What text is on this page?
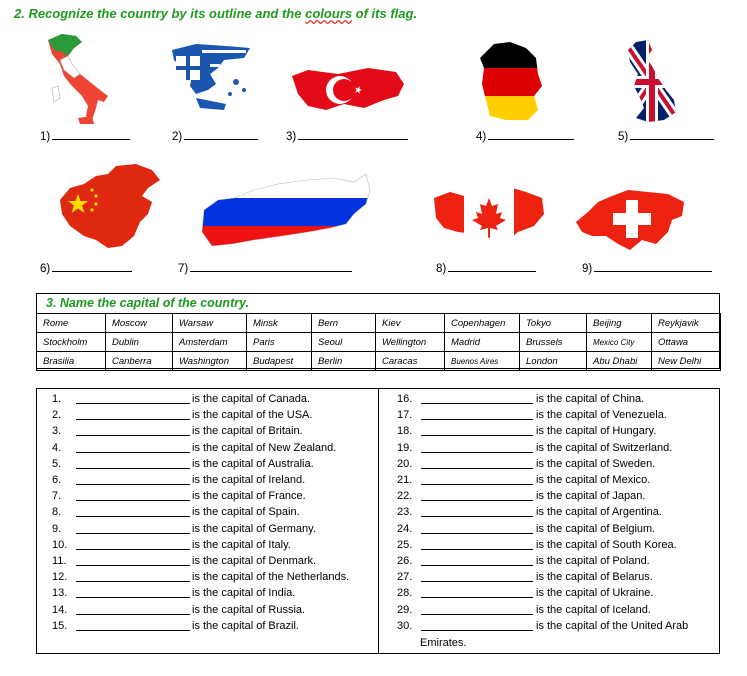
2. Recognize the country by its outline and the colours of its flag.
1)	2)	3)	4)	5)
6)	7)	8)	9)
3. Name the capital of the country.
Rome	Moscow	Warsaw	Minsk	Bern	Kiev	Copenhagen	Tokyo	Beijing	Reykjavik
Stockholm	Dublin	Amsterdam	Paris	Seoul	Wellington	Madrid	Brussels	Mexico City	Ottawa
Brasilia	Canberra	Washington	Budapest	Berlin	Caracas	Buenos Aires	London	Abu Dhabi	New Delhi
1.	is the capital of Canada.
2.	is the capital of the USA.
3.	is the capital of Britain.
4.	is the capital of New Zealand.
5.	is the capital of Australia.
6.	is the capital of Ireland.
7.	is the capital of France.
8.	is the capital of Spain.
9.	is the capital of Germany.
10.	is the capital of Italy.
11.	is the capital of Denmark.
12.	is the capital of the Netherlands.
13.	is the capital of India.
14.	is the capital of Russia.
15.	is the capital of Brazil.
16.	is the capital of China.
17.	is the capital of Venezuela.
18.	is the capital of Hungary.
19.	is the capital of Switzerland.
20.	is the capital of Sweden.
21.	is the capital of Mexico.
22.	is the capital of Japan.
23.	is the capital of Argentina.
24.	is the capital of Belgium.
25.	is the capital of South Korea.
26.	is the capital of Poland.
27.	is the capital of Belarus.
28.	is the capital of Ukraine.
29.	is the capital of Iceland.
30.	is the capital of the United Arab
Emirates.
